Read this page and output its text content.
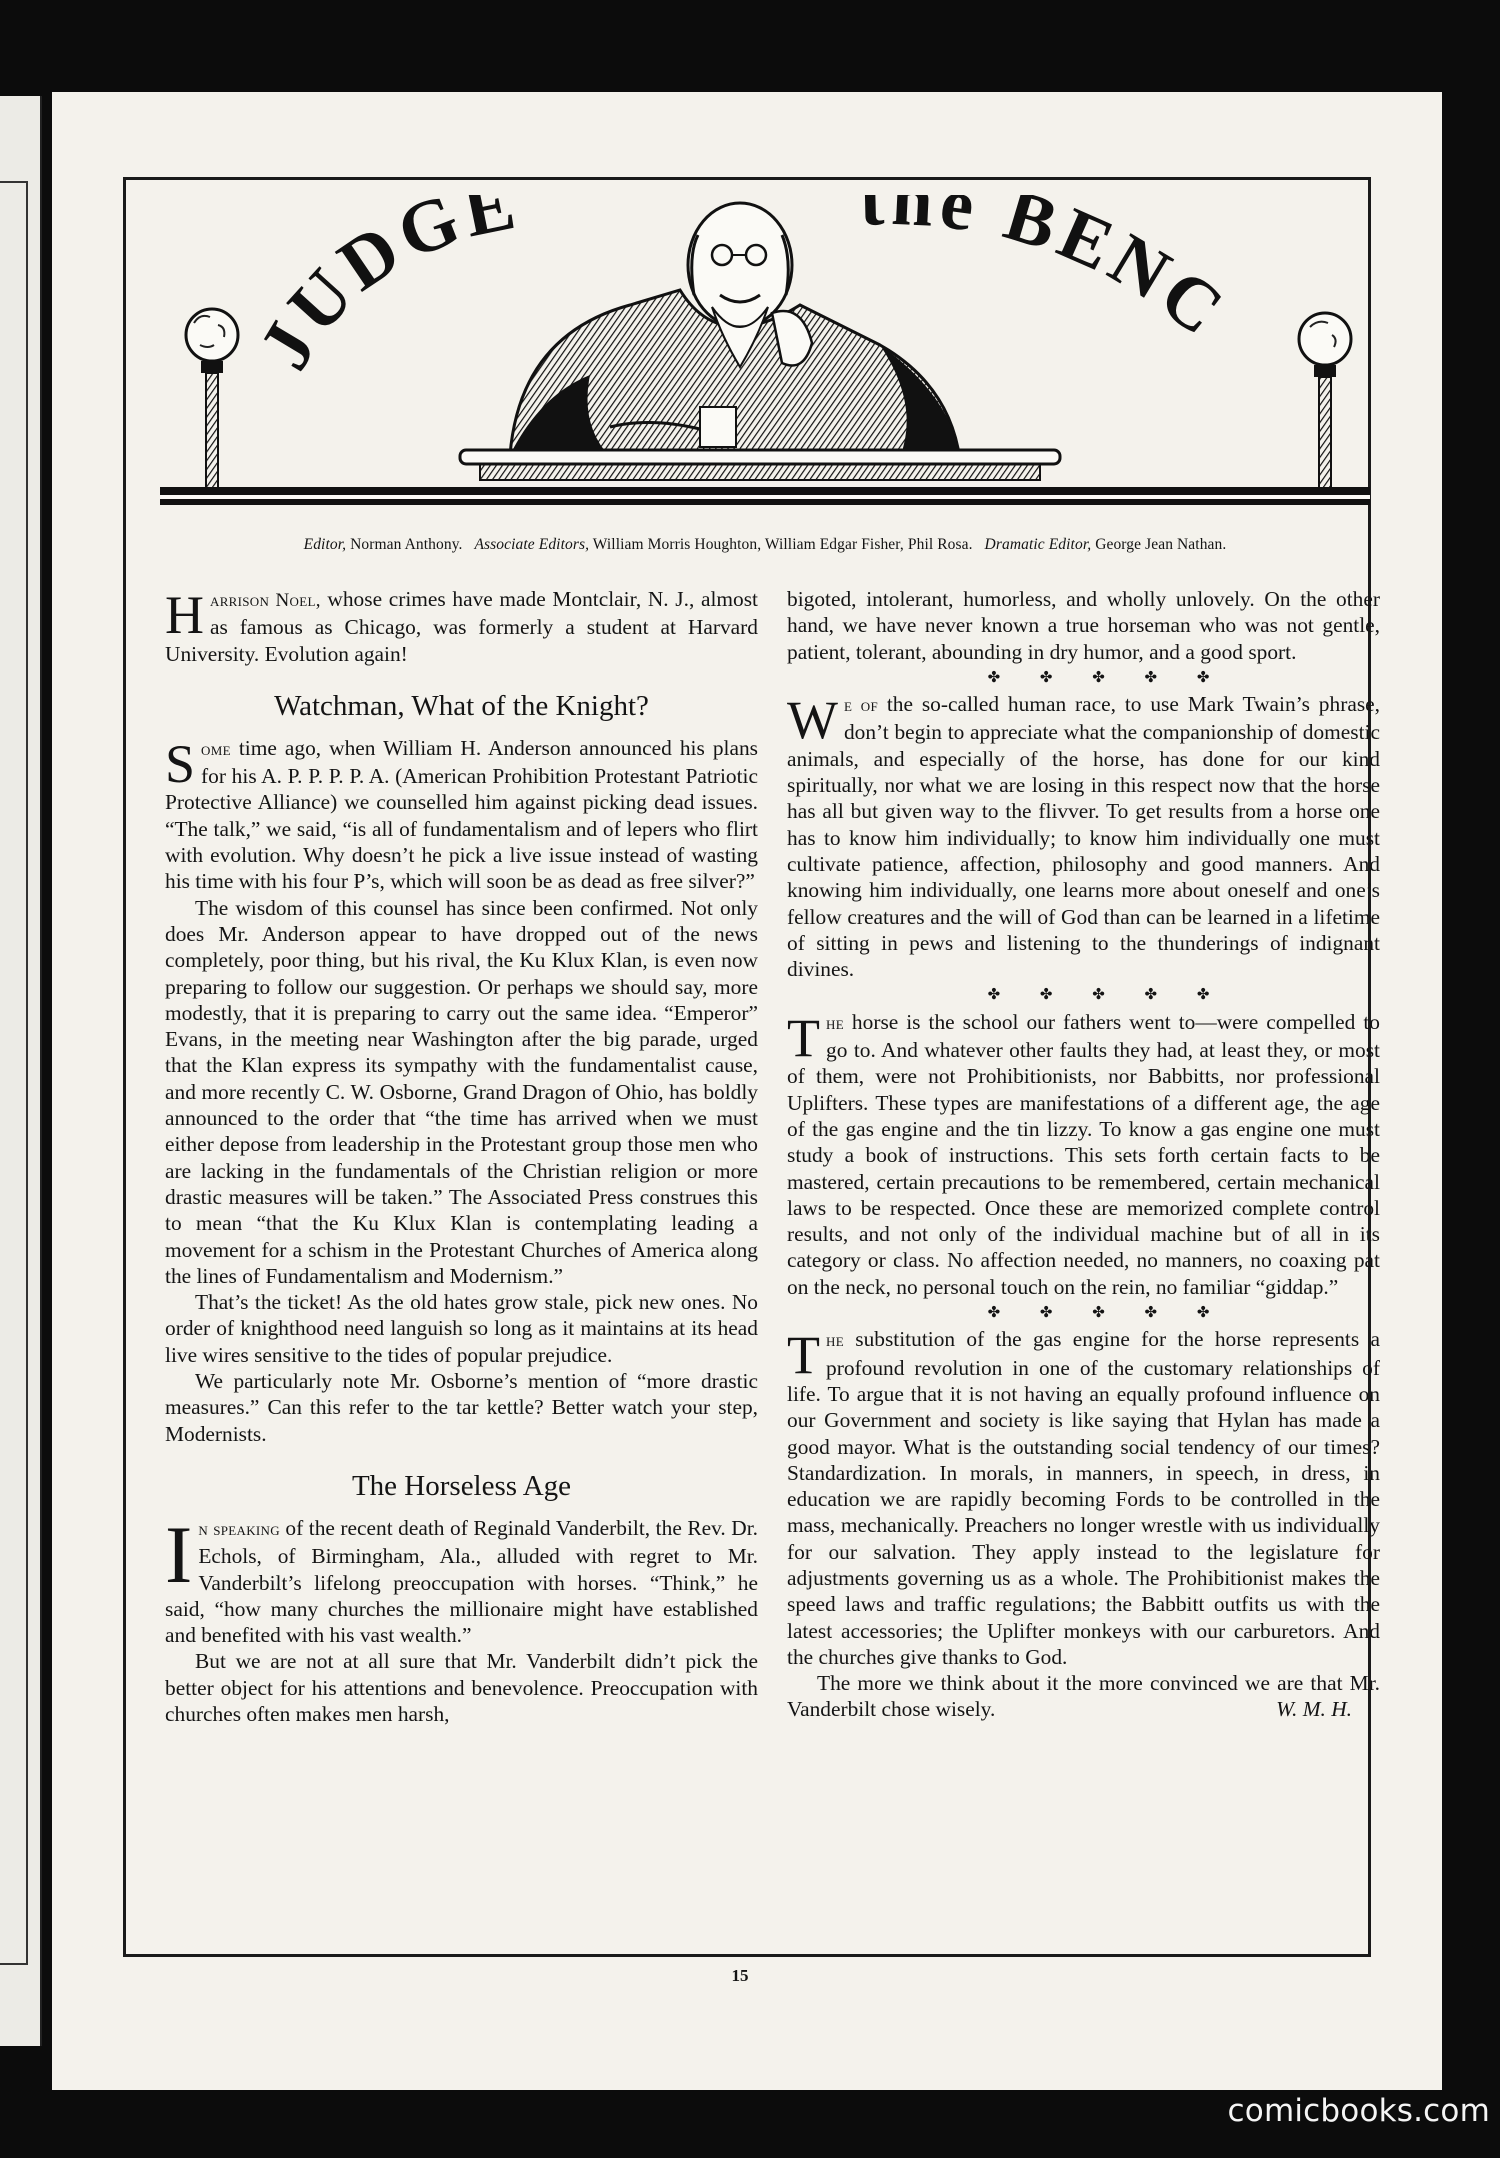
JUDGE	the BENC
Editor, Norman Anthony. Associate Editors, William Morris Houghton, William Edgar Fisher, Phil Rosa. Dramatic Editor, George Jean Nathan.

Harrison Noel, whose crimes have made Montclair, N. J., almost as famous as Chicago, was formerly a student at Harvard University. Evolution again!

Watchman, What of the Knight?

Some time ago, when William H. Anderson announced his plans for his A. P. P. P. P. A. (American Prohibition Protestant Patriotic Protective Alliance) we counselled him against picking dead issues. “The talk,” we said, “is all of fundamentalism and of lepers who flirt with evolution. Why doesn’t he pick a live issue instead of wasting his time with his four P’s, which will soon be as dead as free silver?”

The wisdom of this counsel has since been confirmed. Not only does Mr. Anderson appear to have dropped out of the news completely, poor thing, but his rival, the Ku Klux Klan, is even now preparing to follow our suggestion. Or perhaps we should say, more modestly, that it is preparing to carry out the same idea. “Emperor” Evans, in the meeting near Washington after the big parade, urged that the Klan express its sympathy with the fundamentalist cause, and more recently C. W. Osborne, Grand Dragon of Ohio, has boldly announced to the order that “the time has arrived when we must either depose from leadership in the Protestant group those men who are lacking in the fundamentals of the Christian religion or more drastic measures will be taken.” The Associated Press construes this to mean “that the Ku Klux Klan is contemplating leading a movement for a schism in the Protestant Churches of America along the lines of Fundamentalism and Modernism.”

That’s the ticket! As the old hates grow stale, pick new ones. No order of knighthood need languish so long as it maintains at its head live wires sensitive to the tides of popular prejudice.

We particularly note Mr. Osborne’s mention of “more drastic measures.” Can this refer to the tar kettle? Better watch your step, Modernists.

The Horseless Age

In speaking of the recent death of Reginald Vanderbilt, the Rev. Dr. Echols, of Birmingham, Ala., alluded with regret to Mr. Vanderbilt’s lifelong preoccupation with horses. “Think,” he said, “how many churches the millionaire might have established and benefited with his vast wealth.”

But we are not at all sure that Mr. Vanderbilt didn’t pick the better object for his attentions and benevolence. Preoccupation with churches often makes men harsh,

bigoted, intolerant, humorless, and wholly unlovely. On the other hand, we have never known a true horseman who was not gentle, patient, tolerant, abounding in dry humor, and a good sport.

✤ ✤ ✤ ✤ ✤

We of the so-called human race, to use Mark Twain’s phrase, don’t begin to appreciate what the companionship of domestic animals, and especially of the horse, has done for our kind spiritually, nor what we are losing in this respect now that the horse has all but given way to the flivver. To get results from a horse one has to know him individually; to know him individually one must cultivate patience, affection, philosophy and good manners. And knowing him individually, one learns more about oneself and one’s fellow creatures and the will of God than can be learned in a lifetime of sitting in pews and listening to the thunderings of indignant divines.

✤ ✤ ✤ ✤ ✤

The horse is the school our fathers went to—were compelled to go to. And whatever other faults they had, at least they, or most of them, were not Prohibitionists, nor Babbitts, nor professional Uplifters. These types are manifestations of a different age, the age of the gas engine and the tin lizzy. To know a gas engine one must study a book of instructions. This sets forth certain facts to be mastered, certain precautions to be remembered, certain mechanical laws to be respected. Once these are memorized complete control results, and not only of the individual machine but of all in its category or class. No affection needed, no manners, no coaxing pat on the neck, no personal touch on the rein, no familiar “giddap.”

✤ ✤ ✤ ✤ ✤

The substitution of the gas engine for the horse represents a profound revolution in one of the customary relationships of life. To argue that it is not having an equally profound influence on our Government and society is like saying that Hylan has made a good mayor. What is the outstanding social tendency of our times? Standardization. In morals, in manners, in speech, in dress, in education we are rapidly becoming Fords to be controlled in the mass, mechanically. Preachers no longer wrestle with us individually for our salvation. They apply instead to the legislature for adjustments governing us as a whole. The Prohibitionist makes the speed laws and traffic regulations; the Babbitt outfits us with the latest accessories; the Uplifter monkeys with our carburetors. And the churches give thanks to God.

The more we think about it the more convinced we are that Mr. Vanderbilt chose wisely.	W. M. H.

15
comicbooks.com
